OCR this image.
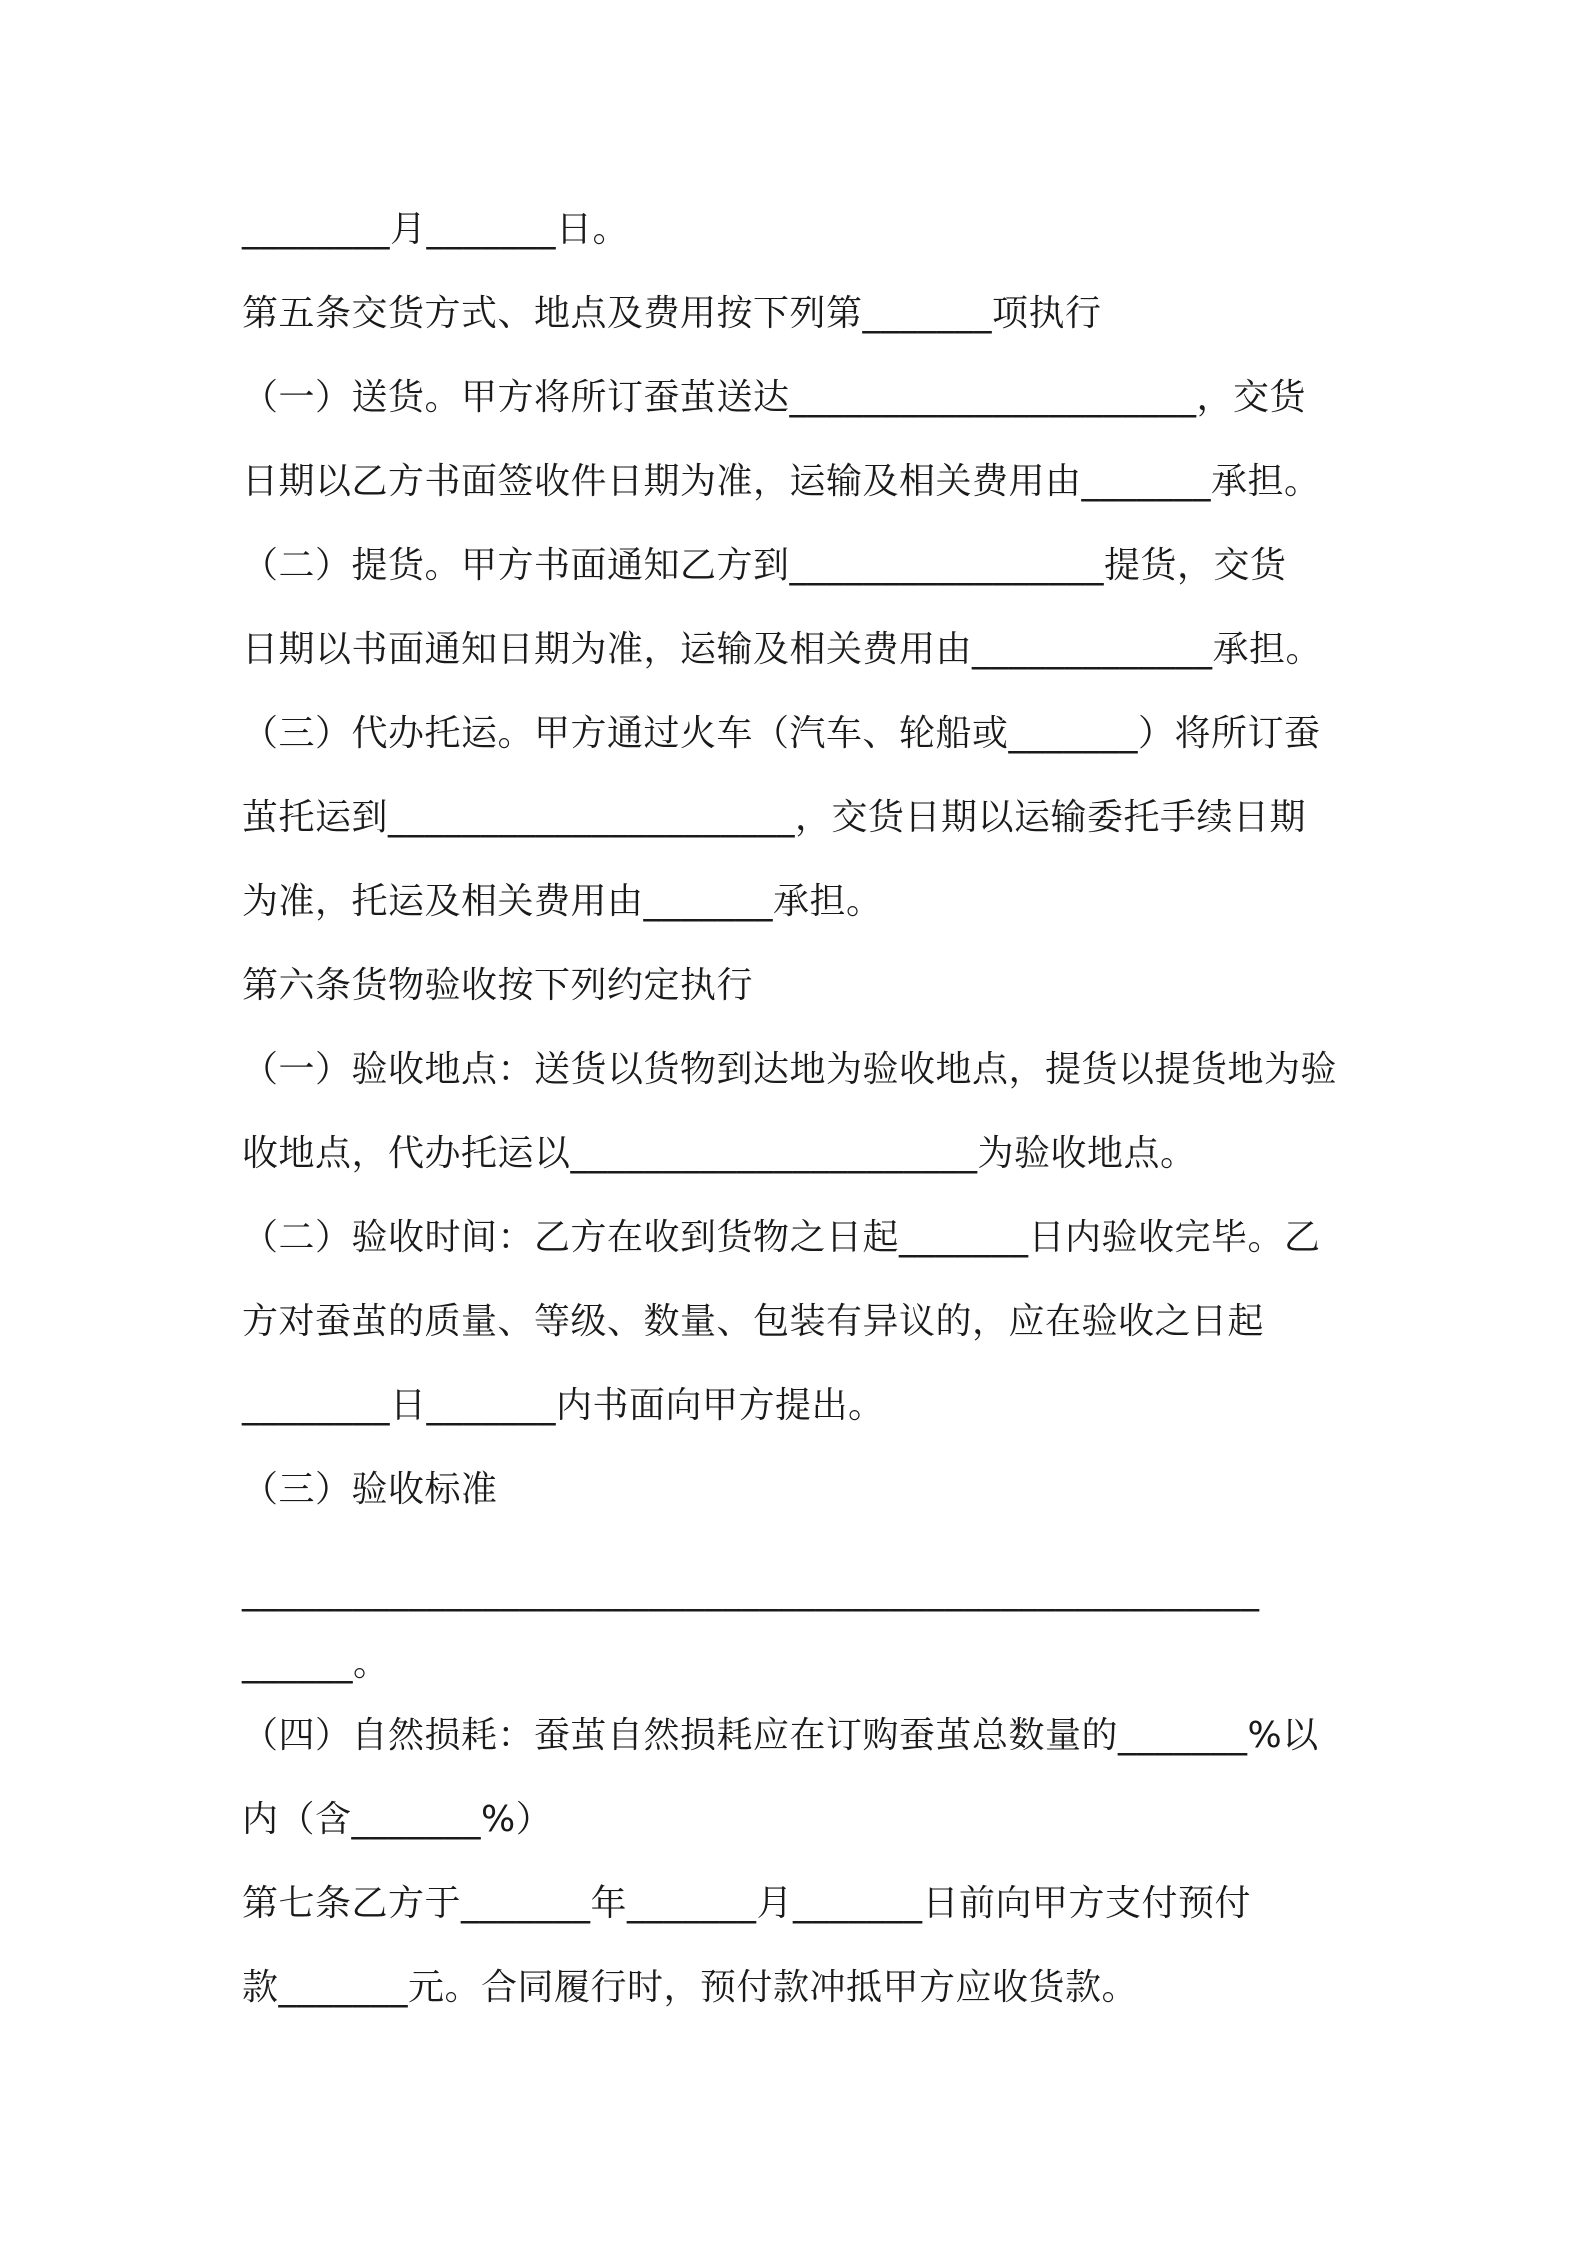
________月_______日。
第五条交货方式、地点及费用按下列第_______项执行
（一）送货。甲方将所订蚕茧送达______________________，交货
日期以乙方书面签收件日期为准，运输及相关费用由_______承担。
（二）提货。甲方书面通知乙方到_________________提货，交货
日期以书面通知日期为准，运输及相关费用由_____________承担。
（三）代办托运。甲方通过火车（汽车、轮船或_______）将所订蚕
茧托运到______________________，交货日期以运输委托手续日期
为准，托运及相关费用由_______承担。
第六条货物验收按下列约定执行
（一）验收地点：送货以货物到达地为验收地点，提货以提货地为验
收地点，代办托运以______________________为验收地点。
（二）验收时间：乙方在收到货物之日起_______日内验收完毕。乙
方对蚕茧的质量、等级、数量、包装有异议的，应在验收之日起
________日_______内书面向甲方提出。
（三）验收标准
_______________________________________________________
______。
（四）自然损耗：蚕茧自然损耗应在订购蚕茧总数量的_______%以
内（含_______%）
第七条乙方于_______年_______月_______日前向甲方支付预付
款_______元。合同履行时，预付款冲抵甲方应收货款。
